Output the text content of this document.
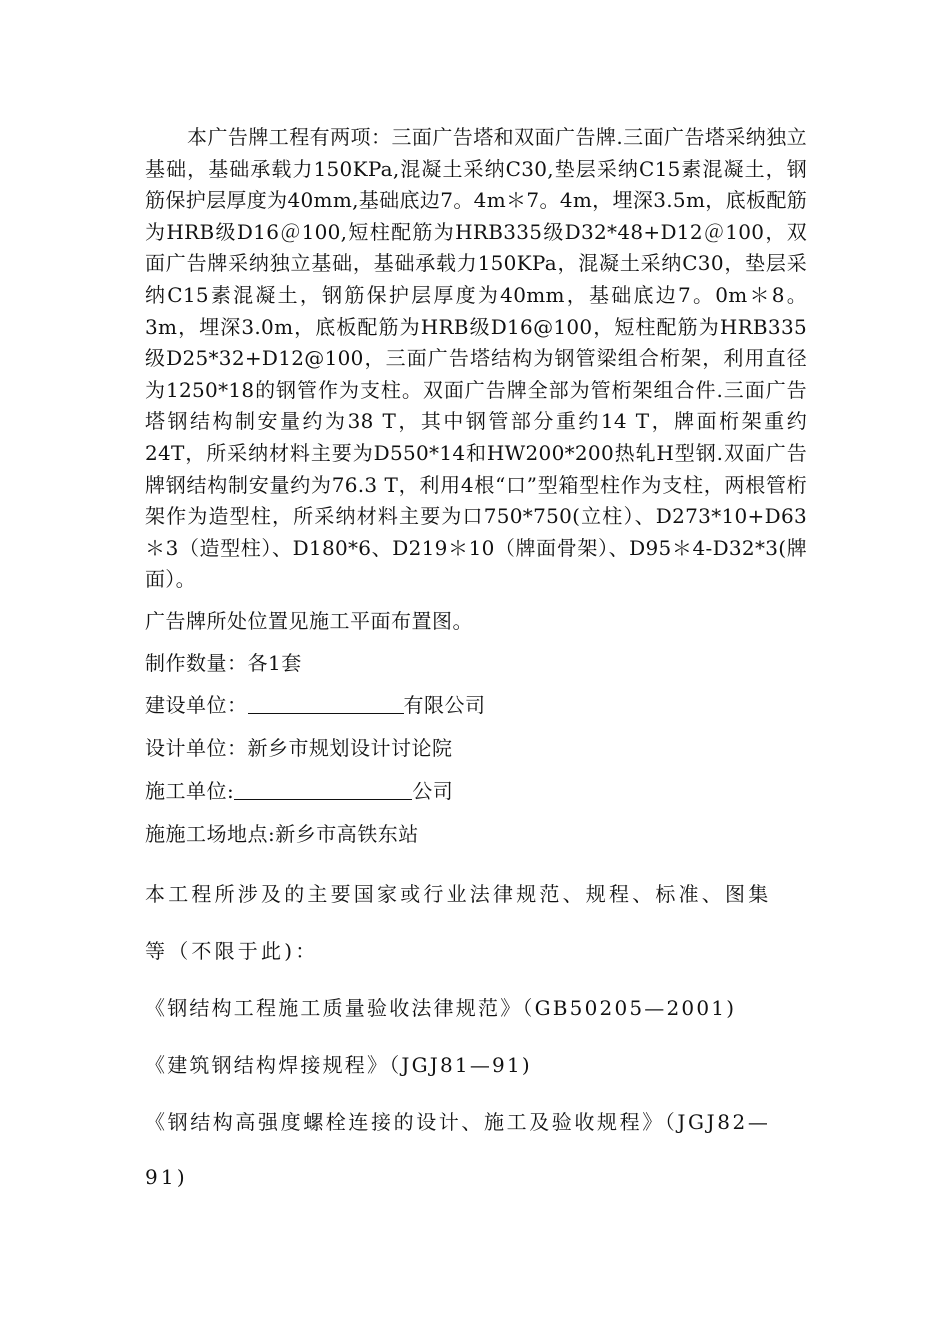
本广告牌工程有两项：三面广告塔和双面广告牌.三面广告塔采纳独立基础，基础承载力150KPa,混凝土采纳C30,垫层采纳C15素混凝土，钢筋保护层厚度为40mm,基础底边7。4m＊7。4m，埋深3.5m，底板配筋为HRB级D16＠100,短柱配筋为HRB335级D32*48+D12＠100，双面广告牌采纳独立基础，基础承载力150KPa，混凝土采纳C30，垫层采纳C15素混凝土，钢筋保护层厚度为40mm，基础底边7。0m＊8。3m，埋深3.0m，底板配筋为HRB级D16@100，短柱配筋为HRB335级D25*32+D12@100，三面广告塔结构为钢管梁组合桁架，利用直径为1250*18的钢管作为支柱。双面广告牌全部为管桁架组合件.三面广告塔钢结构制安量约为38 T，其中钢管部分重约14 T，牌面桁架重约 24T，所采纳材料主要为D550*14和HW200*200热轧H型钢.双面广告牌钢结构制安量约为76.3 T，利用4根“口”型箱型柱作为支柱，两根管桁架作为造型柱，所采纳材料主要为口750*750(立柱）、D273*10+D63＊3（造型柱）、D180*6、D219＊10（牌面骨架）、D95＊4-D32*3(牌面）。

广告牌所处位置见施工平面布置图。

制作数量：各1套

建设单位：	有限公司

设计单位：新乡市规划设计讨论院

施工单位:	公司

施施工场地点:新乡市高铁东站

本工程所涉及的主要国家或行业法律规范、规程、标准、图集

等（不限于此)：

《钢结构工程施工质量验收法律规范》（GB50205—2001)

《建筑钢结构焊接规程》（JGJ81—91)

《钢结构高强度螺栓连接的设计、施工及验收规程》（JGJ82—

91)
